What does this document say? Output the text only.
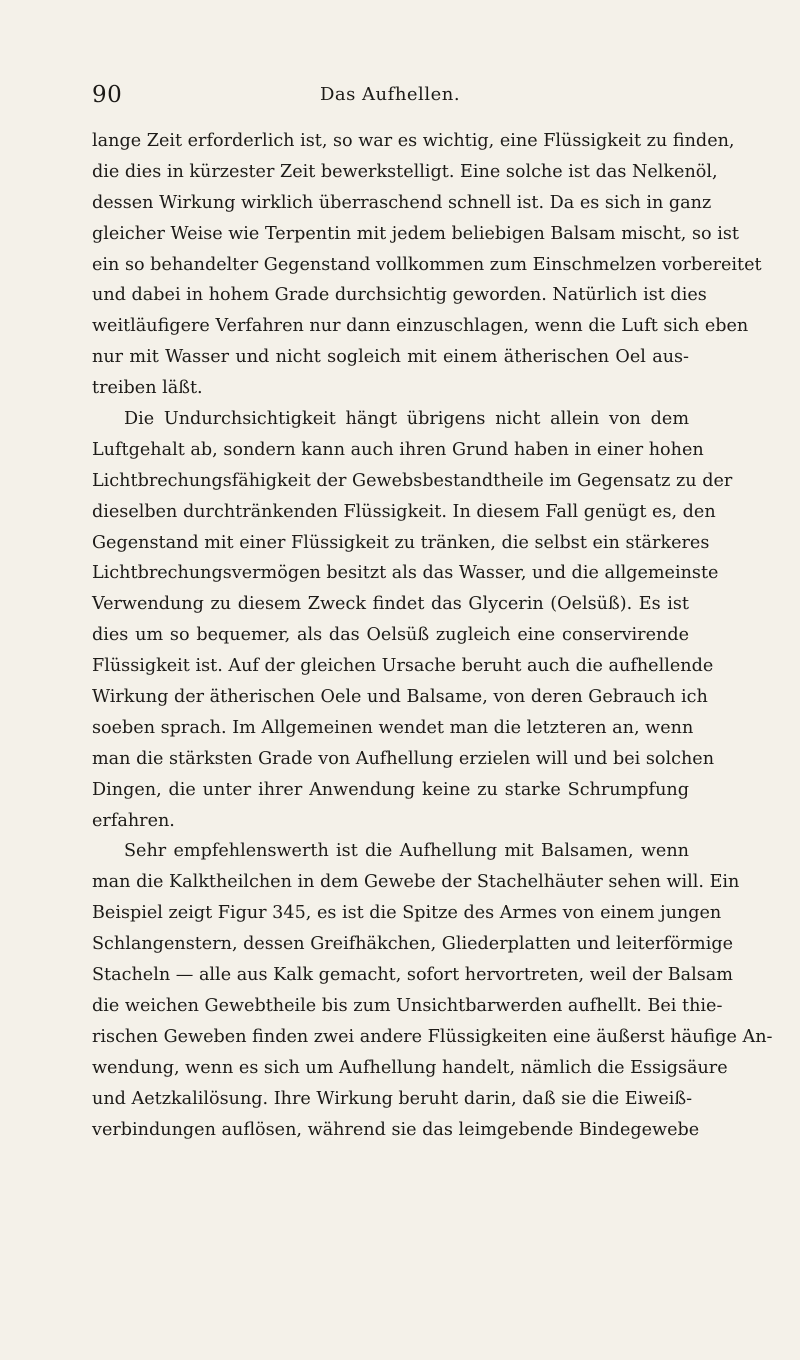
90	Das Aufhellen.
lange Zeit erforderlich ist, so war es wichtig, eine Flüssigkeit zu finden,
die dies in kürzester Zeit bewerkstelligt. Eine solche ist das Nelkenöl,
dessen Wirkung wirklich überraschend schnell ist. Da es sich in ganz
gleicher Weise wie Terpentin mit jedem beliebigen Balsam mischt, so ist
ein so behandelter Gegenstand vollkommen zum Einschmelzen vorbereitet
und dabei in hohem Grade durchsichtig geworden. Natürlich ist dies
weitläufigere Verfahren nur dann einzuschlagen, wenn die Luft sich eben
nur mit Wasser und nicht sogleich mit einem ätherischen Oel aus-
treiben läßt.
Die Undurchsichtigkeit hängt übrigens nicht allein von dem
Luftgehalt ab, sondern kann auch ihren Grund haben in einer hohen
Lichtbrechungsfähigkeit der Gewebsbestandtheile im Gegensatz zu der
dieselben durchtränkenden Flüssigkeit. In diesem Fall genügt es, den
Gegenstand mit einer Flüssigkeit zu tränken, die selbst ein stärkeres
Lichtbrechungsvermögen besitzt als das Wasser, und die allgemeinste
Verwendung zu diesem Zweck findet das Glycerin (Oelsüß). Es ist
dies um so bequemer, als das Oelsüß zugleich eine conservirende
Flüssigkeit ist. Auf der gleichen Ursache beruht auch die aufhellende
Wirkung der ätherischen Oele und Balsame, von deren Gebrauch ich
soeben sprach. Im Allgemeinen wendet man die letzteren an, wenn
man die stärksten Grade von Aufhellung erzielen will und bei solchen
Dingen, die unter ihrer Anwendung keine zu starke Schrumpfung
erfahren.
Sehr empfehlenswerth ist die Aufhellung mit Balsamen, wenn
man die Kalktheilchen in dem Gewebe der Stachelhäuter sehen will. Ein
Beispiel zeigt Figur 345, es ist die Spitze des Armes von einem jungen
Schlangenstern, dessen Greifhäkchen, Gliederplatten und leiterförmige
Stacheln — alle aus Kalk gemacht, sofort hervortreten, weil der Balsam
die weichen Gewebtheile bis zum Unsichtbarwerden aufhellt. Bei thie-
rischen Geweben finden zwei andere Flüssigkeiten eine äußerst häufige An-
wendung, wenn es sich um Aufhellung handelt, nämlich die Essigsäure
und Aetzkalilösung. Ihre Wirkung beruht darin, daß sie die Eiweiß-
verbindungen auflösen, während sie das leimgebende Bindegewebe
